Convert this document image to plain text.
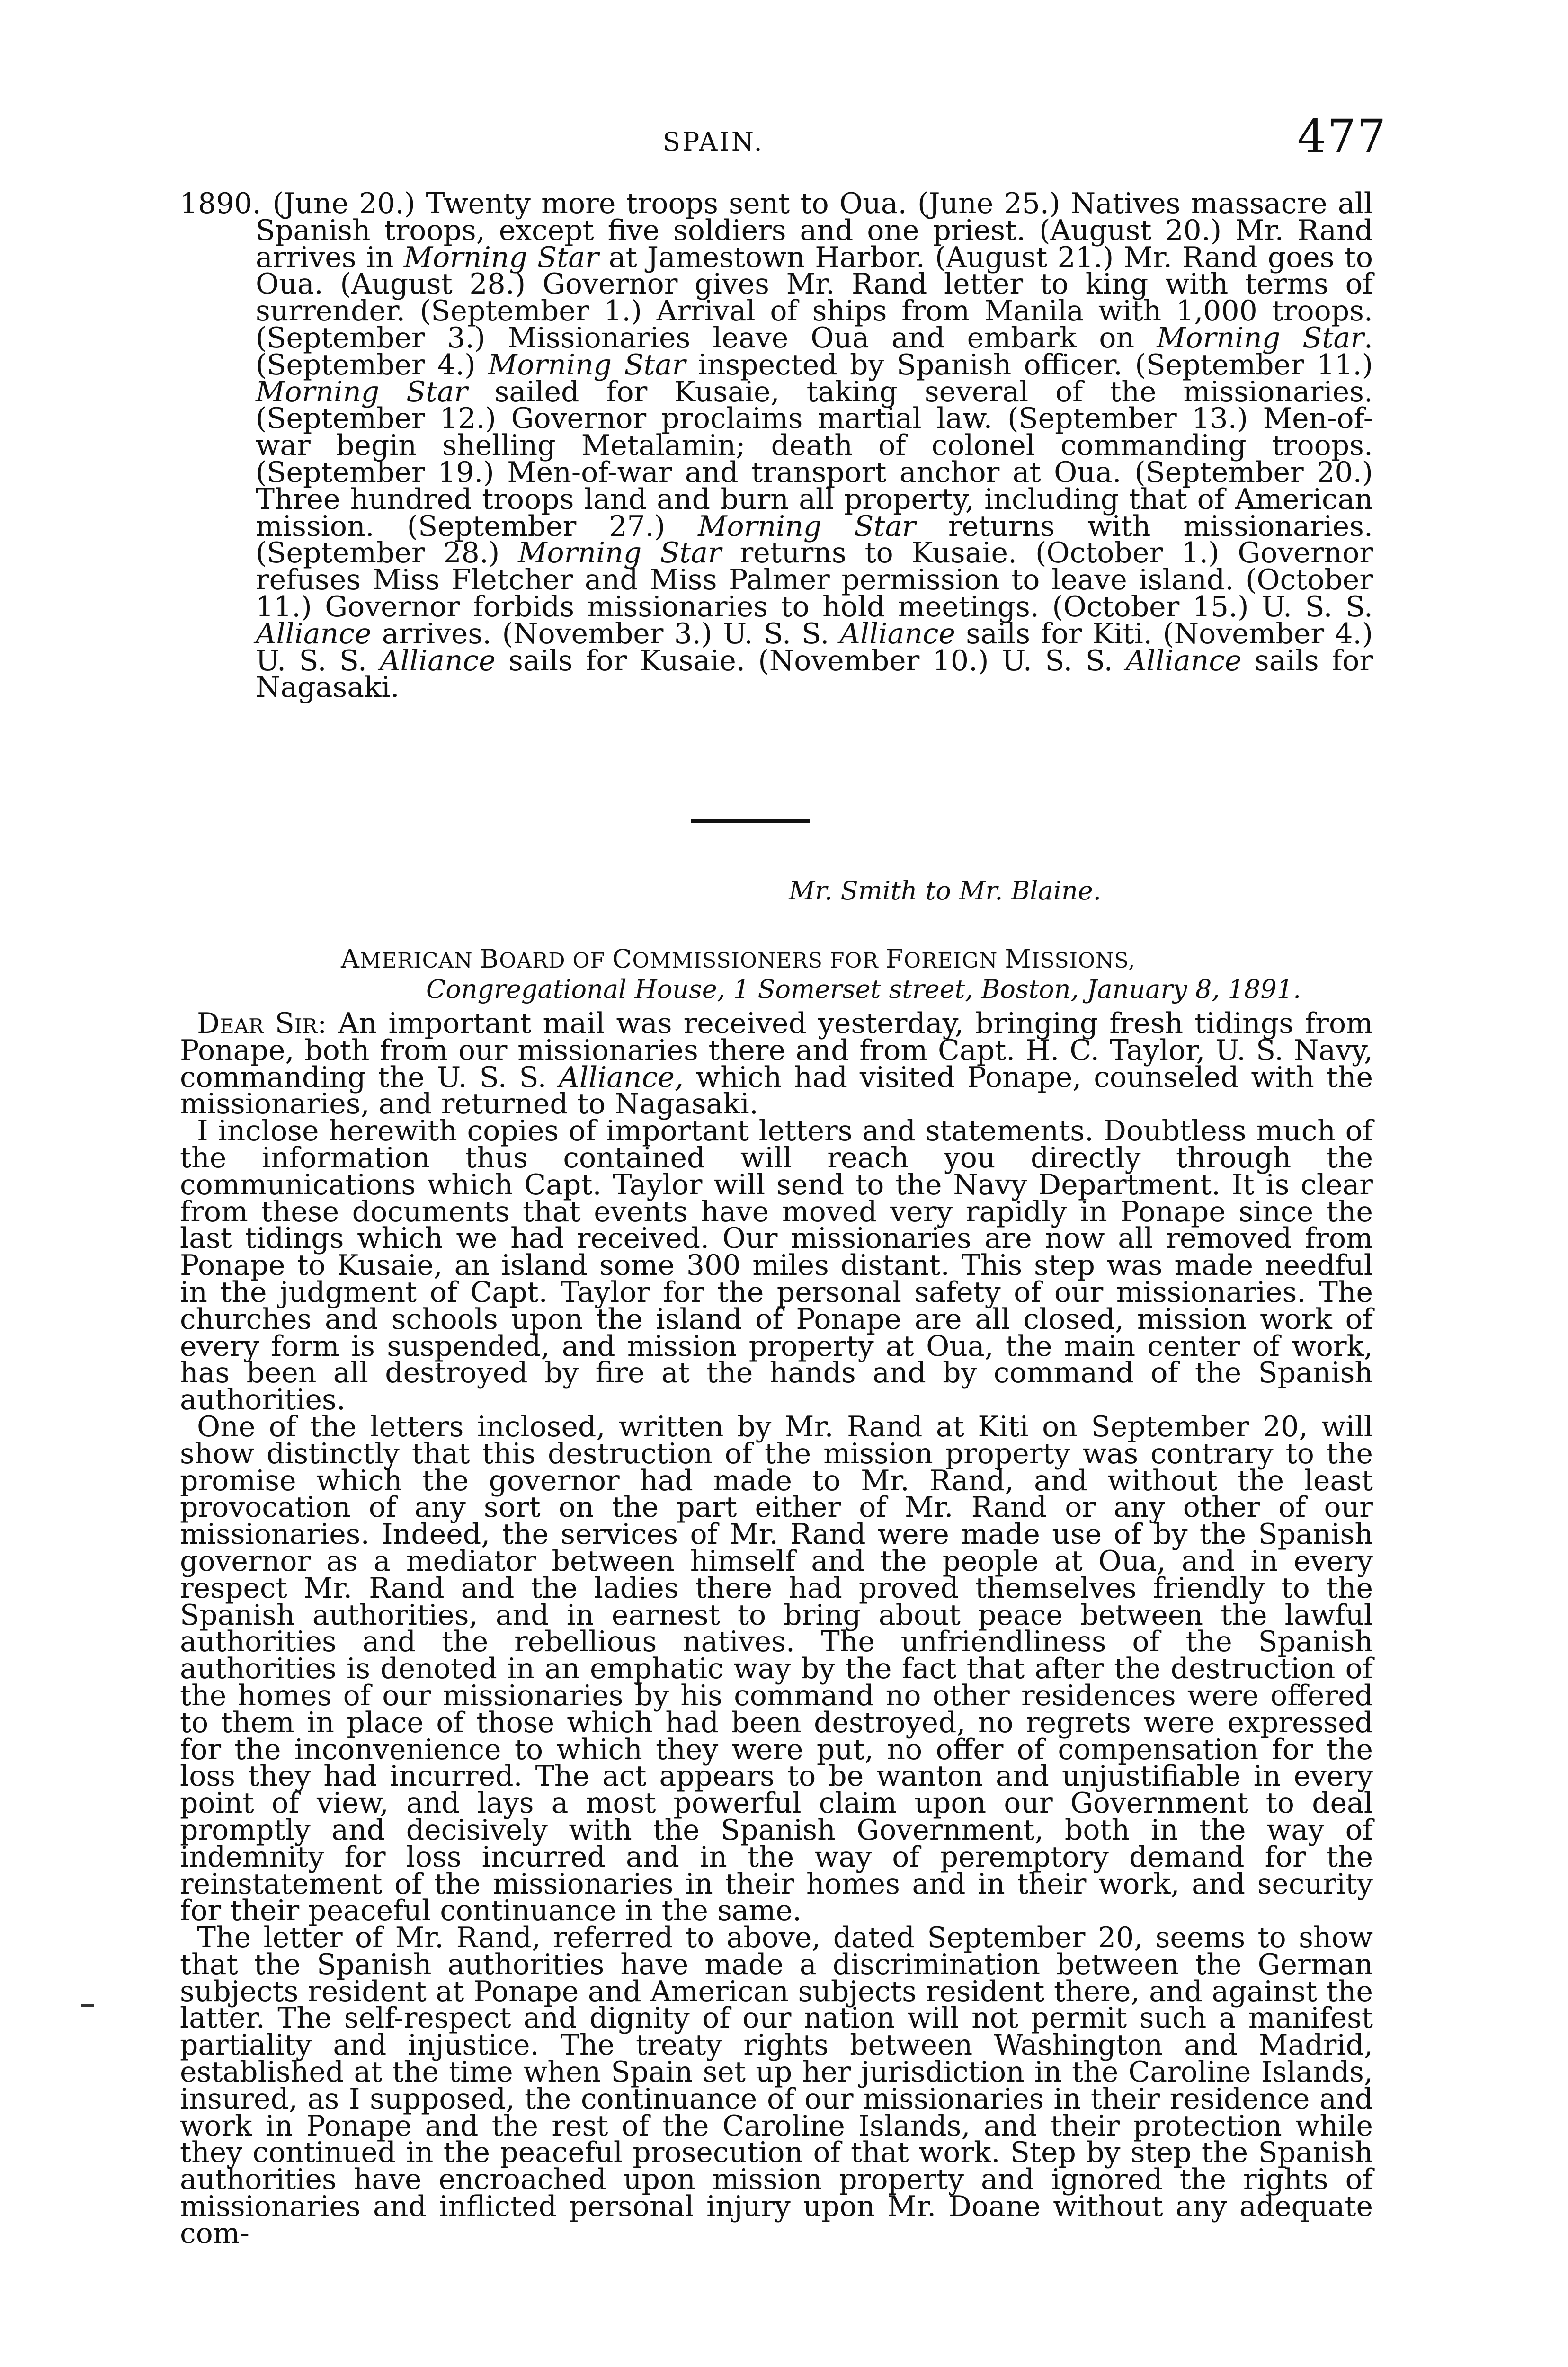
SPAIN.	477

1890. (June 20.) Twenty more troops sent to Oua. (June 25.) Natives massacre all Spanish troops, except five soldiers and one priest. (August 20.) Mr. Rand arrives in Morning Star at Jamestown Harbor. (August 21.) Mr. Rand goes to Oua. (August 28.) Governor gives Mr. Rand letter to king with terms of surrender. (September 1.) Arrival of ships from Manila with 1,000 troops. (September 3.) Missionaries leave Oua and embark on Morning Star. (September 4.) Morning Star inspected by Spanish officer. (September 11.) Morning Star sailed for Kusaie, taking several of the missionaries. (September 12.) Governor proclaims martial law. (September 13.) Men-of-war begin shelling Metalamin; death of colonel commanding troops. (September 19.) Men-of-war and transport anchor at Oua. (September 20.) Three hundred troops land and burn all property, including that of American mission. (September 27.) Morning Star returns with missionaries. (September 28.) Morning Star returns to Kusaie. (October 1.) Governor refuses Miss Fletcher and Miss Palmer permission to leave island. (October 11.) Governor forbids missionaries to hold meetings. (October 15.) U. S. S. Alliance arrives. (November 3.) U. S. S. Alliance sails for Kiti. (November 4.) U. S. S. Alliance sails for Kusaie. (November 10.) U. S. S. Alliance sails for Nagasaki.

Mr. Smith to Mr. Blaine.
AMERICAN BOARD OF COMMISSIONERS FOR FOREIGN MISSIONS,
Congregational House, 1 Somerset street, Boston, January 8, 1891.

Dear Sir: An important mail was received yesterday, bringing fresh tidings from Ponape, both from our missionaries there and from Capt. H. C. Taylor, U. S. Navy, commanding the U. S. S. Alliance, which had visited Ponape, counseled with the missionaries, and returned to Nagasaki.

I inclose herewith copies of important letters and statements. Doubtless much of the information thus contained will reach you directly through the communications which Capt. Taylor will send to the Navy Department. It is clear from these documents that events have moved very rapidly in Ponape since the last tidings which we had received. Our missionaries are now all removed from Ponape to Kusaie, an island some 300 miles distant. This step was made needful in the judgment of Capt. Taylor for the personal safety of our missionaries. The churches and schools upon the island of Ponape are all closed, mission work of every form is suspended, and mission property at Oua, the main center of work, has been all destroyed by fire at the hands and by command of the Spanish authorities.

One of the letters inclosed, written by Mr. Rand at Kiti on September 20, will show distinctly that this destruction of the mission property was contrary to the promise which the governor had made to Mr. Rand, and without the least provocation of any sort on the part either of Mr. Rand or any other of our missionaries. Indeed, the services of Mr. Rand were made use of by the Spanish governor as a mediator between himself and the people at Oua, and in every respect Mr. Rand and the ladies there had proved themselves friendly to the Spanish authorities, and in earnest to bring about peace between the lawful authorities and the rebellious natives. The unfriendliness of the Spanish authorities is denoted in an emphatic way by the fact that after the destruction of the homes of our missionaries by his command no other residences were offered to them in place of those which had been destroyed, no regrets were expressed for the inconvenience to which they were put, no offer of compensation for the loss they had incurred. The act appears to be wanton and unjustifiable in every point of view, and lays a most powerful claim upon our Government to deal promptly and decisively with the Spanish Government, both in the way of indemnity for loss incurred and in the way of peremptory demand for the reinstatement of the missionaries in their homes and in their work, and security for their peaceful continuance in the same.

The letter of Mr. Rand, referred to above, dated September 20, seems to show that the Spanish authorities have made a discrimination between the German subjects resident at Ponape and American subjects resident there, and against the latter. The self-respect and dignity of our nation will not permit such a manifest partiality and injustice. The treaty rights between Washington and Madrid, established at the time when Spain set up her jurisdiction in the Caroline Islands, insured, as I supposed, the continuance of our missionaries in their residence and work in Ponape and the rest of the Caroline Islands, and their protection while they continued in the peaceful prosecution of that work. Step by step the Spanish authorities have encroached upon mission property and ignored the rights of missionaries and inflicted personal injury upon Mr. Doane without any adequate com-
